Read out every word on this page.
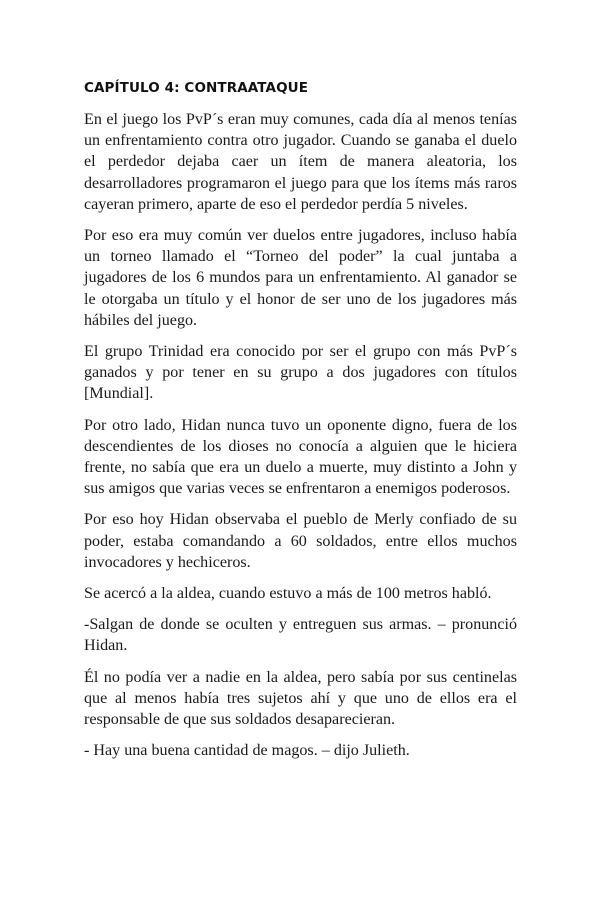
CAPÍTULO 4: CONTRAATAQUE

En el juego los PvP´s eran muy comunes, cada día al menos tenías un enfrentamiento contra otro jugador. Cuando se ganaba el duelo el perdedor dejaba caer un ítem de manera aleatoria, los desarrolladores programaron el juego para que los ítems más raros cayeran primero, aparte de eso el perdedor perdía 5 niveles.

Por eso era muy común ver duelos entre jugadores, incluso había un torneo llamado el “Torneo del poder” la cual juntaba a jugadores de los 6 mundos para un enfrentamiento. Al ganador se le otorgaba un título y el honor de ser uno de los jugadores más hábiles del juego.

El grupo Trinidad era conocido por ser el grupo con más PvP´s ganados y por tener en su grupo a dos jugadores con títulos [Mundial].

Por otro lado, Hidan nunca tuvo un oponente digno, fuera de los descendientes de los dioses no conocía a alguien que le hiciera frente, no sabía que era un duelo a muerte, muy distinto a John y sus amigos que varias veces se enfrentaron a enemigos poderosos.

Por eso hoy Hidan observaba el pueblo de Merly confiado de su poder, estaba comandando a 60 soldados, entre ellos muchos invocadores y hechiceros.

Se acercó a la aldea, cuando estuvo a más de 100 metros habló.

-Salgan de donde se oculten y entreguen sus armas. – pronunció Hidan.

Él no podía ver a nadie en la aldea, pero sabía por sus centinelas que al menos había tres sujetos ahí y que uno de ellos era el responsable de que sus soldados desaparecieran.

- Hay una buena cantidad de magos. – dijo Julieth.
